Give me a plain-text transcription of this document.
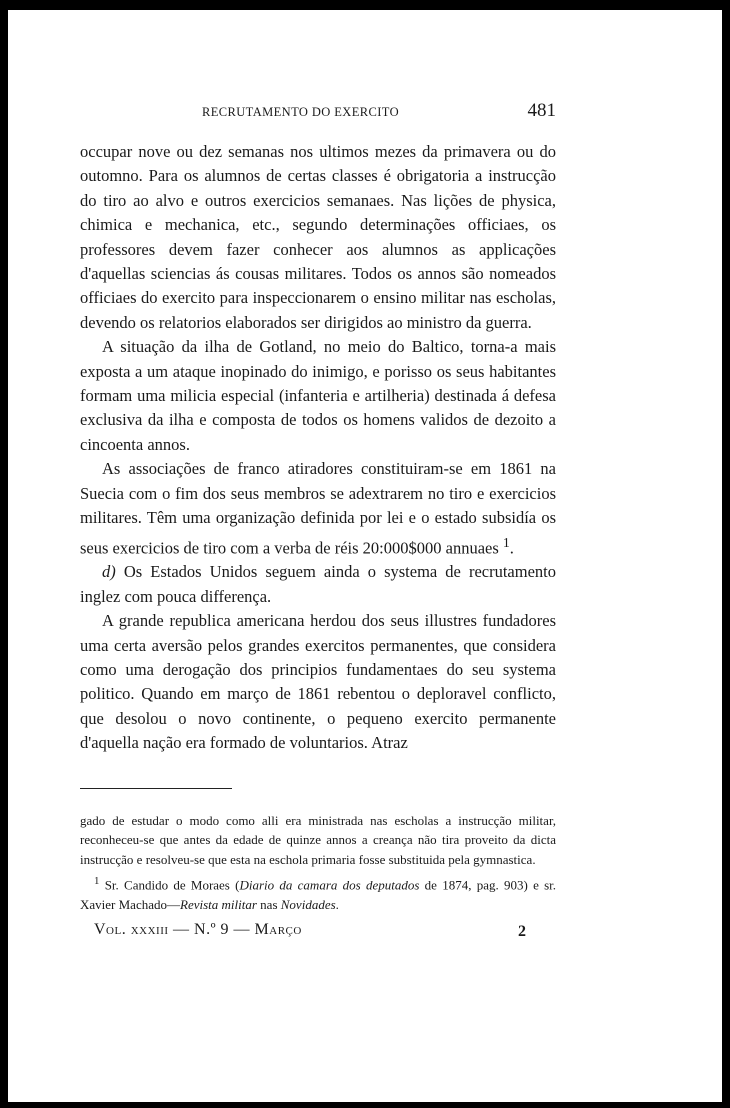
RECRUTAMENTO DO EXERCITO	481

occupar nove ou dez semanas nos ultimos mezes da primavera ou do outomno. Para os alumnos de certas classes é obrigatoria a instrucção do tiro ao alvo e outros exercicios semanaes. Nas lições de physica, chimica e mechanica, etc., segundo determinações officiaes, os professores devem fazer conhecer aos alumnos as applicações d'aquellas sciencias ás cousas militares. Todos os annos são nomeados officiaes do exercito para inspeccionarem o ensino militar nas escholas, devendo os relatorios elaborados ser dirigidos ao ministro da guerra.

A situação da ilha de Gotland, no meio do Baltico, torna-a mais exposta a um ataque inopinado do inimigo, e porisso os seus habitantes formam uma milicia especial (infanteria e artilheria) destinada á defesa exclusiva da ilha e composta de todos os homens validos de dezoito a cincoenta annos.

As associações de franco atiradores constituiram-se em 1861 na Suecia com o fim dos seus membros se adextrarem no tiro e exercicios militares. Têm uma organização definida por lei e o estado subsidía os seus exercicios de tiro com a verba de réis 20:000$000 annuaes $^1$.

d) Os Estados Unidos seguem ainda o systema de recrutamento inglez com pouca differença.

A grande republica americana herdou dos seus illustres fundadores uma certa aversão pelos grandes exercitos permanentes, que considera como uma derogação dos principios fundamentaes do seu systema politico. Quando em março de 1861 rebentou o deploravel conflicto, que desolou o novo continente, o pequeno exercito permanente d'aquella nação era formado de voluntarios. Atraz

gado de estudar o modo como alli era ministrada nas escholas a instrucção militar, reconheceu-se que antes da edade de quinze annos a creança não tira proveito da dicta instrucção e resolveu-se que esta na eschola primaria fosse substituida pela gymnastica.

$^1$ Sr. Candido de Moraes (Diario da camara dos deputados de 1874, pag. 903) e sr. Xavier Machado—Revista militar nas Novidades.

Vol. xxxiii — N.º 9 — Março	2
